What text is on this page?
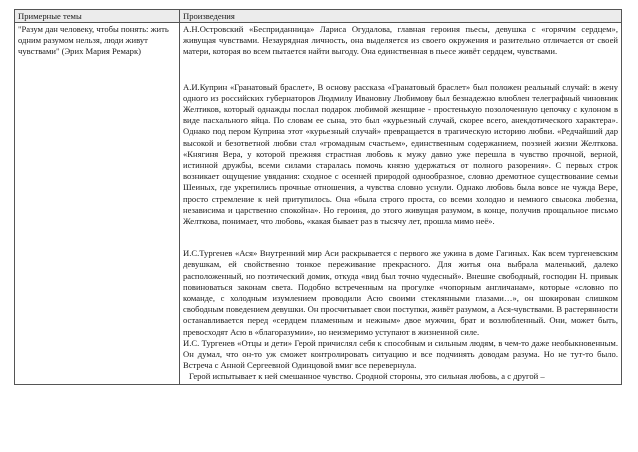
Примерные темы	Произведения

"Разум дан человеку, чтобы понять: жить одним разумом нельзя, люди живут чувствами" (Эрих Мария Ремарк)	А.Н.Островский «Бесприданница» Лариса Огудалова, главная героиня пьесы, девушка с «горячим сердцем», живущая чувствами. Незаурядная личность, она выделяется из своего окружения и разительно отличается от своей матери, которая во всем пытается найти выгоду. Она единственная в пьесе живёт сердцем, чувствами.

А.И.Куприн «Гранатовый браслет», В основу рассказа «Гранатовый браслет» был положен реальный случай: в жену одного из российских губернаторов Людмилу Ивановну Любимову был безнадежно влюблен телеграфный чиновник Желтиков, который однажды послал подарок любимой женщине - простенькую позолоченную цепочку с кулоном в виде пасхального яйца. По словам ее сына, это был «курьезный случай, скорее всего, анекдотического характера». Однако под пером Куприна этот «курьезный случай» превращается в трагическую историю любви. «Редчайший дар высокой и безответной любви стал «громадным счастьем», единственным содержанием, поэзией жизни Желткова. «Княгиня Вера, у которой прежняя страстная любовь к мужу давно уже перешла в чувство прочной, верной, истинной дружбы, всеми силами старалась помочь князю удержаться от полного разорения». С первых строк возникает ощущение увядания: сходное с осенней природой однообразное, словно дремотное существование семьи Шеиных, где укрепились прочные отношения, а чувства словно уснули. Однако любовь была вовсе не чужда Вере, просто стремление к ней притупилось. Она «была строго проста, со всеми холодно и немного свысока любезна, независима и царственно спокойна». Но героиня, до этого живущая разумом, в конце, получив прощальное письмо Желткова, понимает, что любовь, «какая бывает раз в тысячу лет, прошла мимо неё».

И.С.Тургенев «Ася» Внутренний мир Аси раскрывается с первого же ужина в доме Гагиных. Как всем тургеневским девушкам, ей свойственно тонкое переживание прекрасного. Для житья она выбрала маленький, далеко расположенный, но поэтический домик, откуда «вид был точно чудесный». Внешне свободный, господин Н. привык повиноваться законам света. Подобно встреченным на прогулке «чопорным англичанам», которые «словно по команде, с холодным изумлением проводили Асю своими стеклянными глазами…», он шокирован слишком свободным поведением девушки. Он просчитывает свои поступки, живёт разумом, а Ася-чувствами. В растерянности останавливается перед «сердцем пламенным и нежным» двое мужчин, брат и возлюбленный. Они, может быть, превосходят Асю в «благоразумии», но неизмеримо уступают в жизненной силе.

И.С. Тургенев «Отцы и дети» Герой причислял себя к способным и сильным людям, в чем-то даже необыкновенным. Он думал, что он-то уж сможет контролировать ситуацию и все подчинять доводам разума. Но не тут-то было. Встреча с Анной Сергеевной Одинцовой вмиг все перевернула.

Герой испытывает к ней смешанное чувство. Сродной стороны, это сильная любовь, а с другой –
